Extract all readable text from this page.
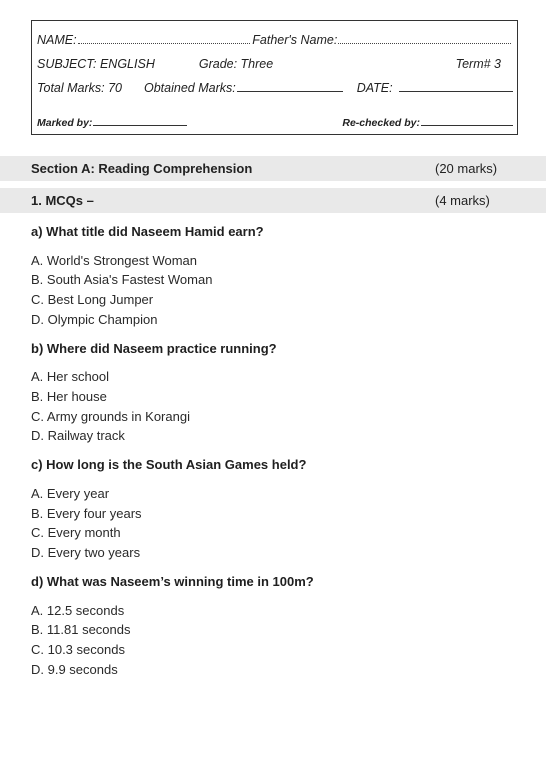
NAME:	Father's Name:
SUBJECT: ENGLISH	Grade: Three	Term# 3
Total Marks: 70 Obtained Marks:	DATE:
Marked by:	Re-checked by:
Section A: Reading Comprehension	(20 marks)
1. MCQs –	(4 marks)
a) What title did Naseem Hamid earn?
A. World's Strongest Woman
B. South Asia's Fastest Woman
C. Best Long Jumper
D. Olympic Champion
b) Where did Naseem practice running?
A. Her school
B. Her house
C. Army grounds in Korangi
D. Railway track
c) How long is the South Asian Games held?
A. Every year
B. Every four years
C. Every month
D. Every two years
d) What was Naseem’s winning time in 100m?
A. 12.5 seconds
B. 11.81 seconds
C. 10.3 seconds
D. 9.9 seconds
